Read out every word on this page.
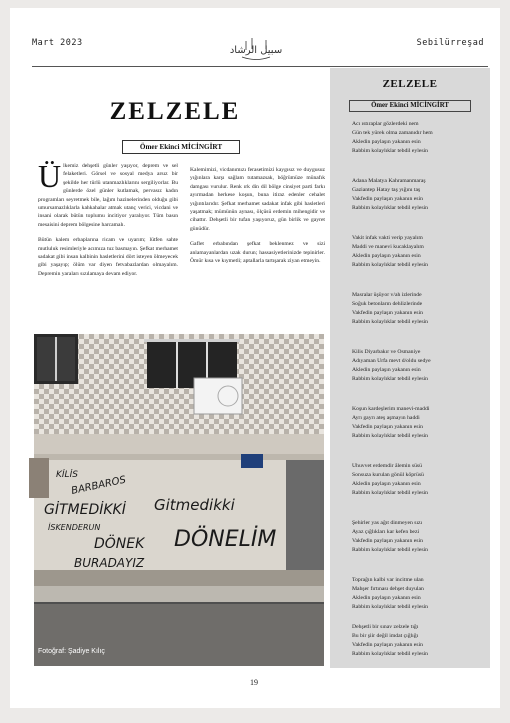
Mart 2023
سبيل الرشاد
Sebilürreşad
ZELZELE
Ömer Ekinci MİCİNGİRT

Ülkemiz dehşetli günler yaşıyor, deprem ve sel felaketleri. Görsel ve sosyal medya arsız bir şekilde her türlü utanmazlıklarını sergiliyorlar. Bu günlerde özel günler kutlamak, pervasız kadın programları seyretmek bile, lağım hazinelerinden olduğu gibi umursamazlıklarla kahkahalar atmak utanç verici, vicdani ve insani olarak bütün toplumu incitiyor yaralıyor. Tüm basın mesaisini deprem bölgesine harcamalı.

Bütün kalem erbaplarına ricam ve uyarım; lütfen sahte mutluluk resimleriyle acımıza tuz basmayın. Şefkat merhamet sadakat gibi insan kalbinin hasletlerini dört isteyen ölmeyecek gibi yaşayıp; ölüm var diyen fetvabazlardan olmayalım. Depremin yaraları sızılamaya devam ediyor.

Kalemimizi, vicdanımızı ferasetimizi kaygısız ve duygusuz yığınlara karşı sağlam tutamazsak, böğrümüze münafık damgası vurulur. Renk ırk din dil bölge cinsiyet parti farkı ayırmadan herkese koşun, buna itiraz edenler cehalet yığıntılarıdır. Şefkat merhamet sadakat infak gibi hasletleri yaşatmak; mümünün aynası, ölçüsü erdemin mihengidir ve cihattır. Dehşetli bir tufan yaşıyoruz, gün birlik ve gayret günüdür.

Gaflet erbabından şefkat beklenmez ve sizi anlamayanlardan uzak durun; hassasiyetlerinizde tepinirler. Ömür kısa ve kıymetli; aptallarla tartışarak ziyan etmeyin.

KİLİS
BARBAROS
GİTMEDİKKİ Gitmedikki
İSKENDERUN
DÖNEK
BURADAYIZ
DÖNELİM
Fotoğraf: Şadiye Kılıç
19
ZELZELE
Ömer Ekinci MİCİNGİRT
Acı ıstıraplar gözlerdeki nem
Gün tek yürek olma zamanıdır hem
Akledin paylaşın yakanın esin
Rabbim kolaylıklar tebdil eylesin
Adana Malatya Kahramanmaraş
Gaziantep Hatay taş yığını taş
Vakfedin paylaşın yakanın esin
Rabbim kolaylıklar tebdil eylesin
Vakit infak vakti verip yayalım
Maddi ve manevi kucaklayalım
Akledin paylaşın yakanın esin
Rabbim kolaylıklar tebdil eylesin
Masralar üşüyor v/ah izlerinde
Soğuk betonların dehlizlerinde
Vakfedin paylaşın yakanın esin
Rabbim kolaylıklar tebdil eylesin
Kilis Diyarbakır ve Osmaniye
Adıyaman Urfa mevt d/oldu sedye
Akledin paylaşın yakanın esin
Rabbim kolaylıklar tebdil eylesin
Koşun kardeşlerim manevi-maddi
Ayrı gayrı ateş aşmayın haddi
Vakfedin paylaşın yakanın esin
Rabbim kolaylıklar tebdil eylesin
Uhuvvet erdemdir âlemin süsü
Sonsuza kurulan gönül köprüsü
Akledin paylaşın yakanın esin
Rabbim kolaylıklar tebdil eylesin
Şehirler yas ağıt dinmeyen sızı
Ayaz çığlıkları kar kefen bezi
Vakfedin paylaşın yakanın esin
Rabbim kolaylıklar tebdil eylesin
Toprağın kalbi var incitme ulan
Mahşer fırtınası dehşet duyulan
Akledin paylaşın yakanın esin
Rabbim kolaylıklar tebdil eylesin
Dehşetli bir sınav zelzele tığı
Bu bir şiir değil imdat çığlığı
Vakfedin paylaşın yakanın esin
Rabbim kolaylıklar tebdil eylesin
